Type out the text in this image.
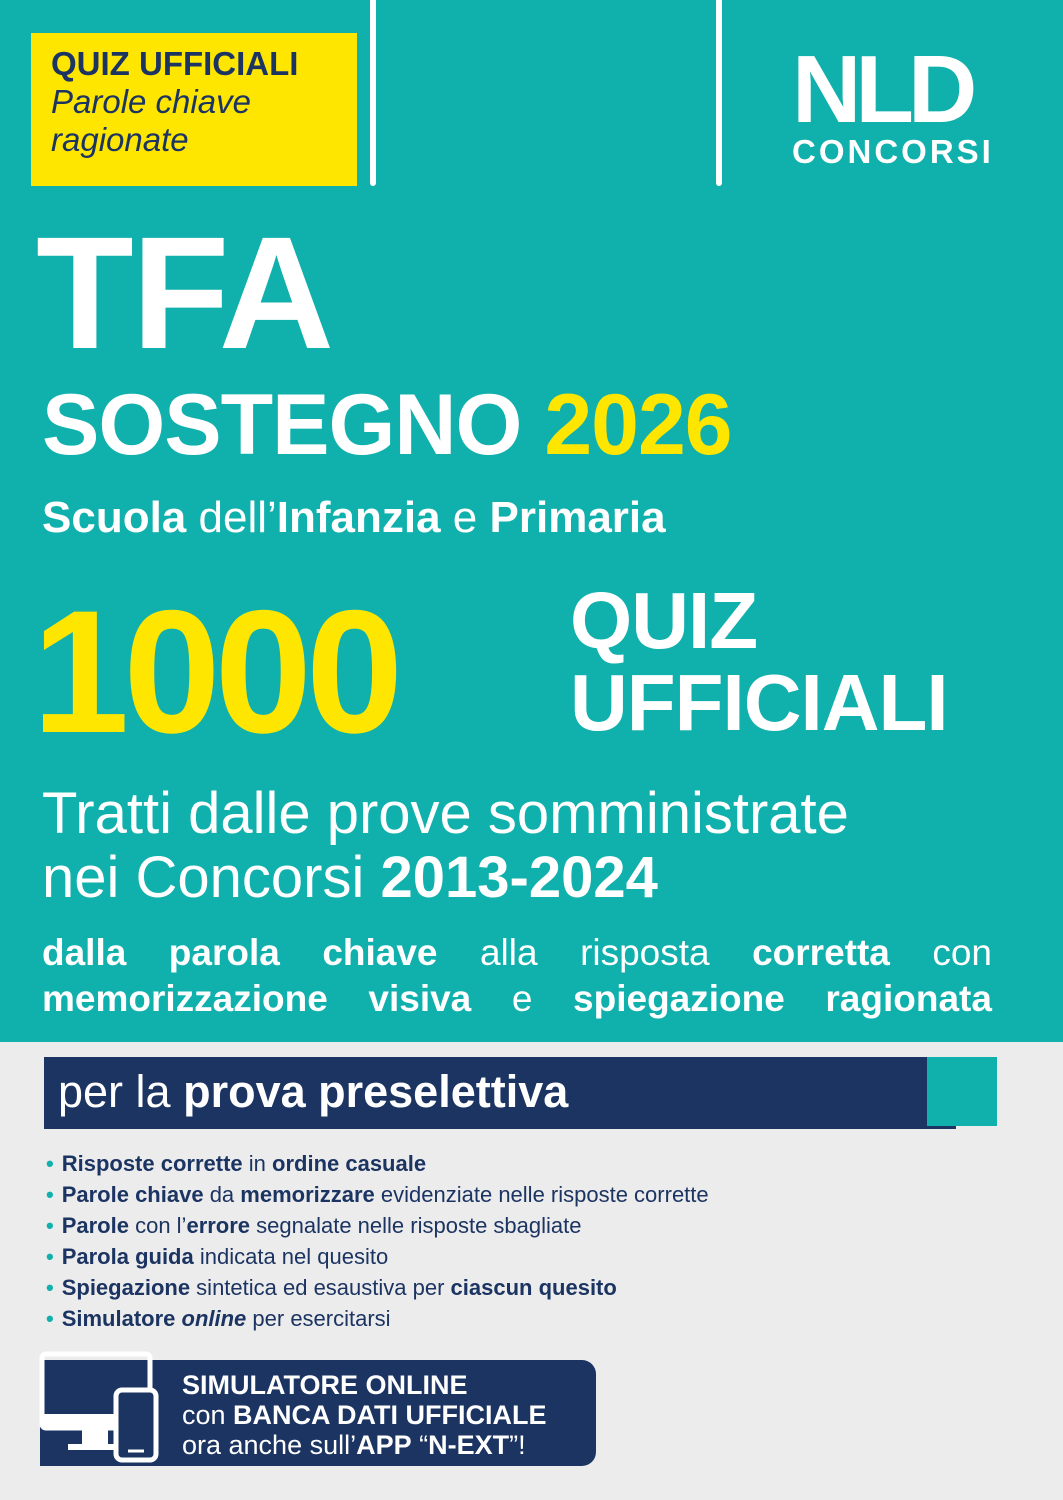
QUIZ UFFICIALI
Parole chiave
ragionate	NLD
CONCORSI
TFA
SOSTEGNO 2026
Scuola dell’Infanzia e Primaria
1000 QUIZ
UFFICIALI
Tratti dalle prove somministrate
nei Concorsi 2013-2024
dalla parola chiave alla risposta corretta con
memorizzazione visiva e spiegazione ragionata
per la prova preselettiva
• Risposte corrette in ordine casuale
• Parole chiave da memorizzare evidenziate nelle risposte corrette
• Parole con l’errore segnalate nelle risposte sbagliate
• Parola guida indicata nel quesito
• Spiegazione sintetica ed esaustiva per ciascun quesito
• Simulatore online per esercitarsi
SIMULATORE ONLINE
con BANCA DATI UFFICIALE
ora anche sull’APP “N-EXT”!
